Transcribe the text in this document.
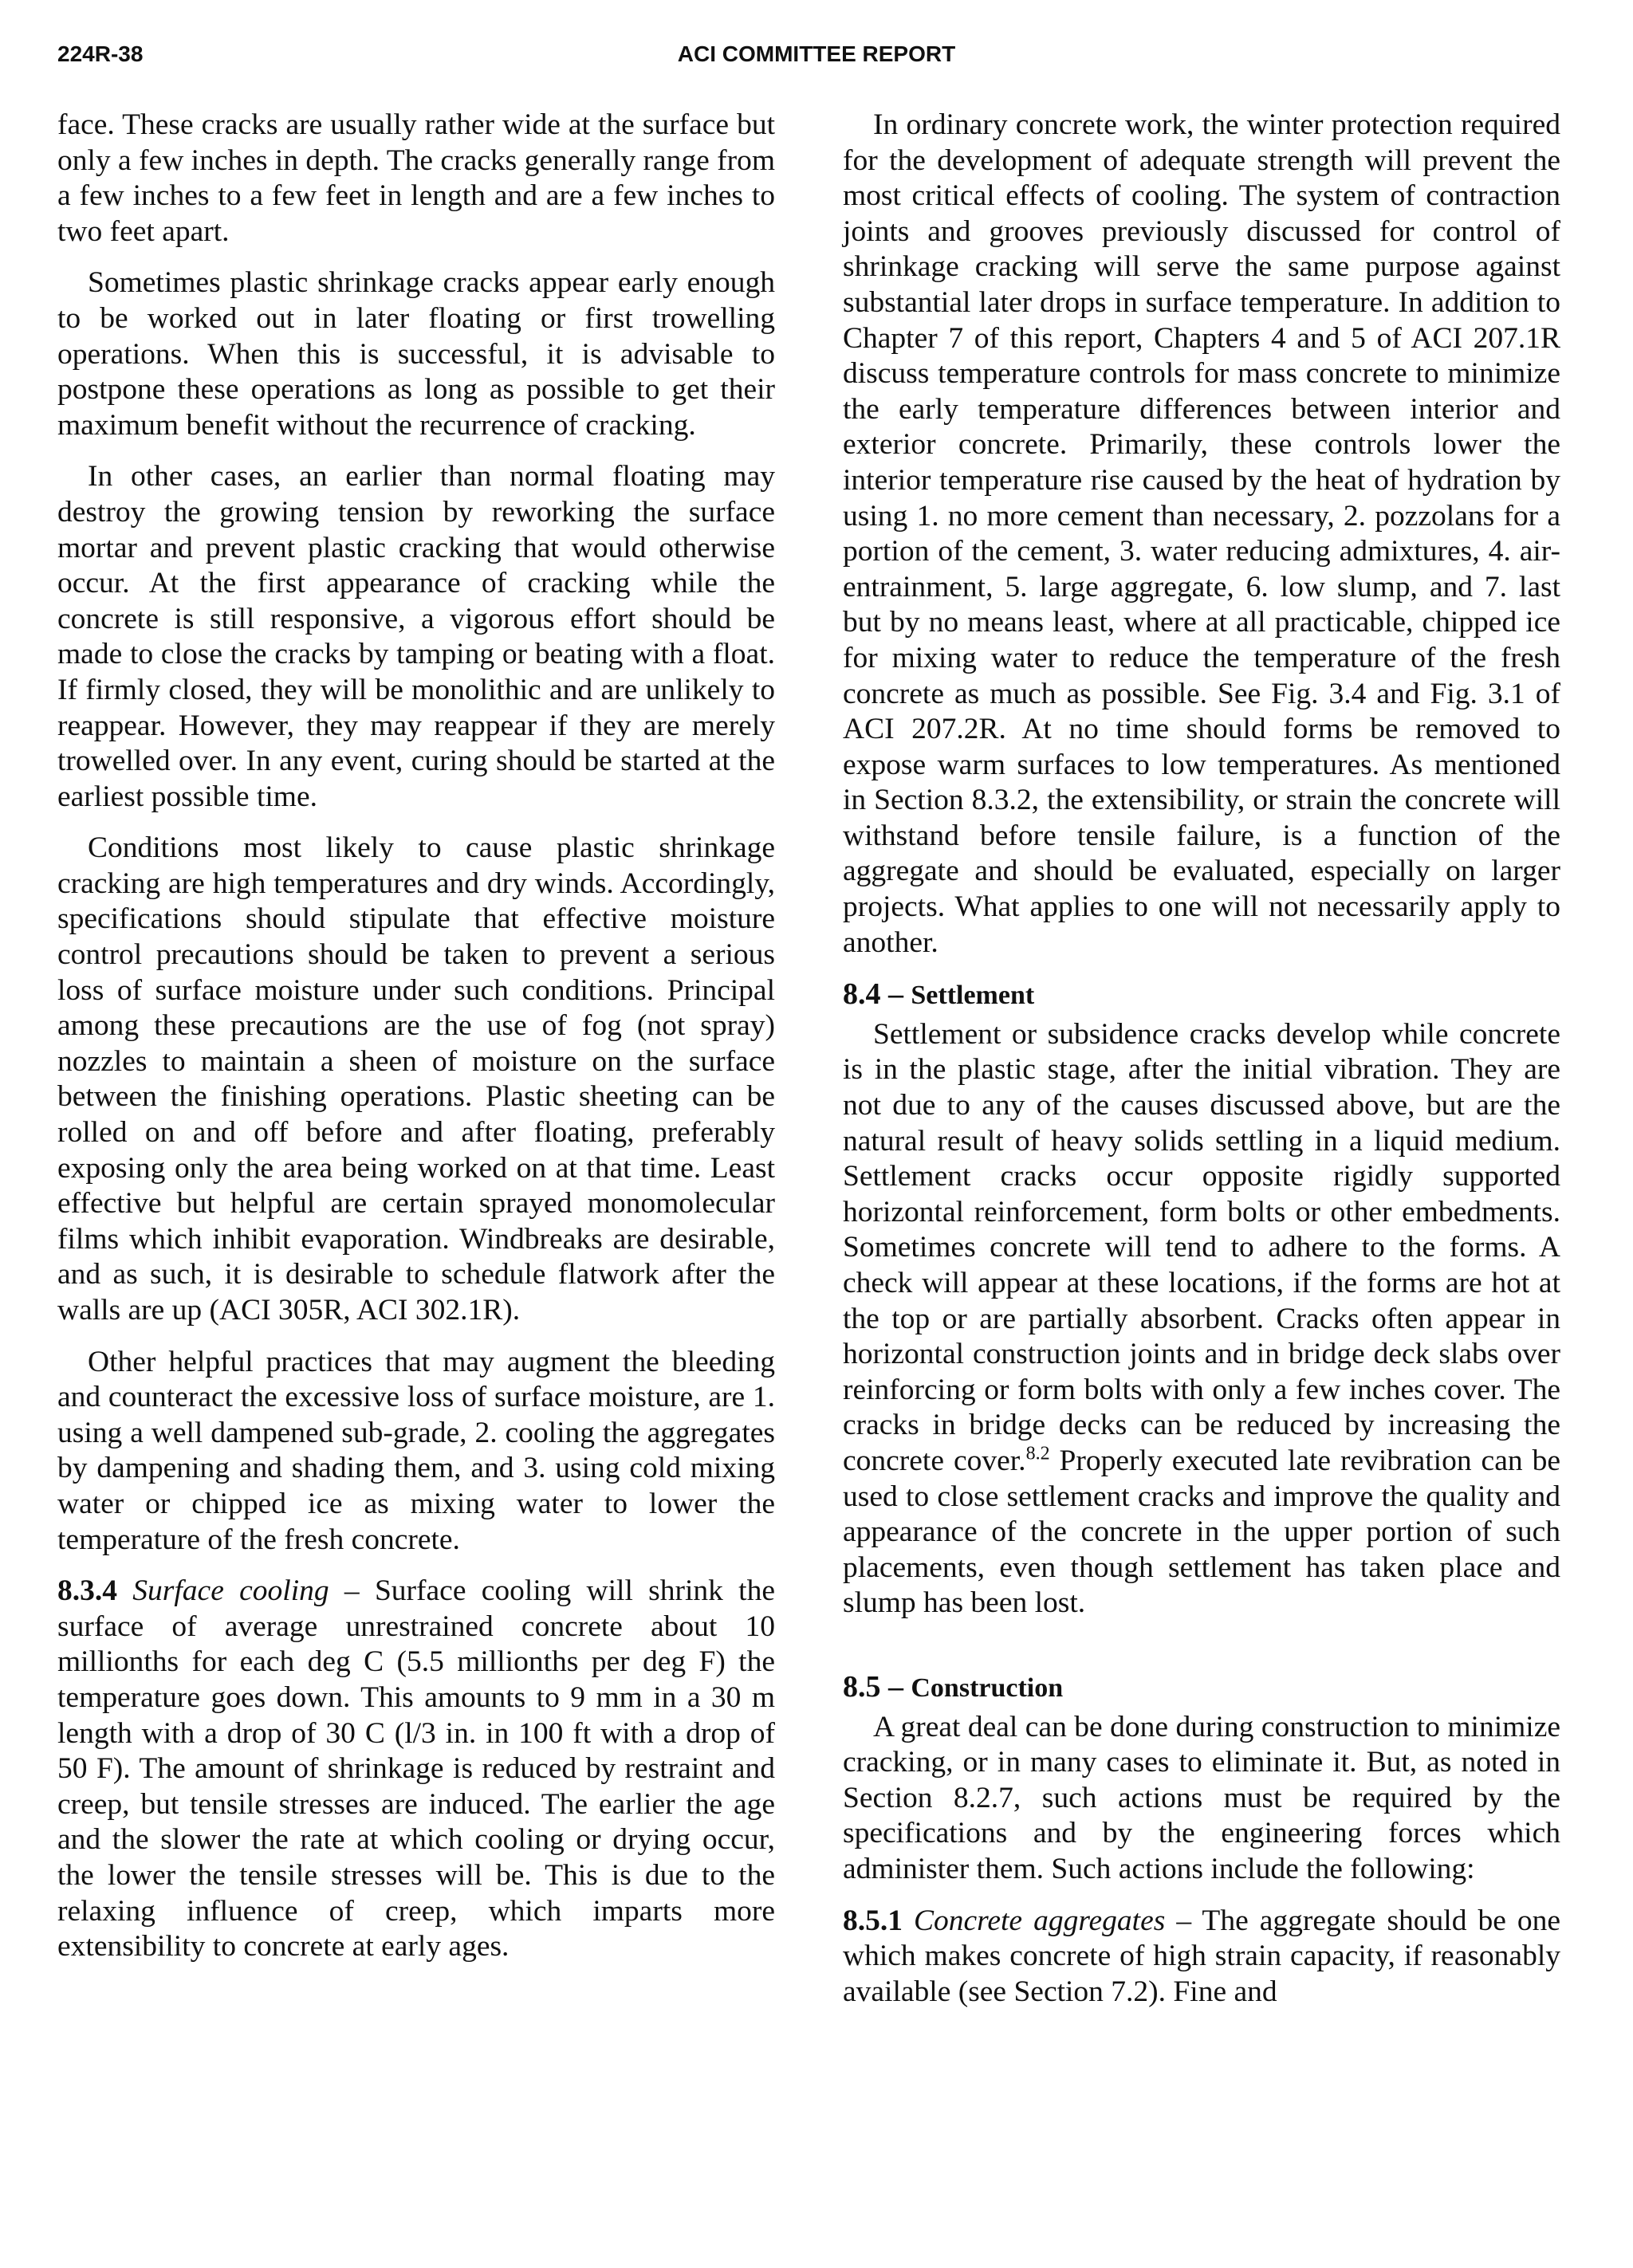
224R-38	ACI COMMITTEE REPORT

face. These cracks are usually rather wide at the surface but only a few inches in depth. The cracks generally range from a few inches to a few feet in length and are a few inches to two feet apart.

Sometimes plastic shrinkage cracks appear early enough to be worked out in later floating or first trowelling operations. When this is successful, it is advisable to postpone these operations as long as possible to get their maximum benefit without the recurrence of cracking.

In other cases, an earlier than normal floating may destroy the growing tension by reworking the surface mortar and prevent plastic cracking that would otherwise occur. At the first appearance of cracking while the concrete is still responsive, a vigorous effort should be made to close the cracks by tamping or beating with a float. If firmly closed, they will be monolithic and are unlikely to reappear. However, they may reappear if they are merely trowelled over. In any event, curing should be started at the earliest possible time.

Conditions most likely to cause plastic shrinkage cracking are high temperatures and dry winds. Accordingly, specifications should stipulate that effective moisture control precautions should be taken to prevent a serious loss of surface moisture under such conditions. Principal among these precautions are the use of fog (not spray) nozzles to maintain a sheen of moisture on the surface between the finishing operations. Plastic sheeting can be rolled on and off before and after floating, preferably exposing only the area being worked on at that time. Least effective but helpful are certain sprayed monomolecular films which inhibit evaporation. Windbreaks are desirable, and as such, it is desirable to schedule flatwork after the walls are up (ACI 305R, ACI 302.1R).

Other helpful practices that may augment the bleeding and counteract the excessive loss of surface moisture, are 1. using a well dampened sub-grade, 2. cooling the aggregates by dampening and shading them, and 3. using cold mixing water or chipped ice as mixing water to lower the temperature of the fresh concrete.

8.3.4 Surface cooling – Surface cooling will shrink the surface of average unrestrained concrete about 10 millionths for each deg C (5.5 millionths per deg F) the temperature goes down. This amounts to 9 mm in a 30 m length with a drop of 30 C (l/3 in. in 100 ft with a drop of 50 F). The amount of shrinkage is reduced by restraint and creep, but tensile stresses are induced. The earlier the age and the slower the rate at which cooling or drying occur, the lower the tensile stresses will be. This is due to the relaxing influence of creep, which imparts more extensibility to concrete at early ages.

In ordinary concrete work, the winter protection required for the development of adequate strength will prevent the most critical effects of cooling. The system of contraction joints and grooves previously discussed for control of shrinkage cracking will serve the same purpose against substantial later drops in surface temperature. In addition to Chapter 7 of this report, Chapters 4 and 5 of ACI 207.1R discuss temperature controls for mass concrete to minimize the early temperature differences between interior and exterior concrete. Primarily, these controls lower the interior temperature rise caused by the heat of hydration by using 1. no more cement than necessary, 2. pozzolans for a portion of the cement, 3. water reducing admixtures, 4. air-entrainment, 5. large aggregate, 6. low slump, and 7. last but by no means least, where at all practicable, chipped ice for mixing water to reduce the temperature of the fresh concrete as much as possible. See Fig. 3.4 and Fig. 3.1 of ACI 207.2R. At no time should forms be removed to expose warm surfaces to low temperatures. As mentioned in Section 8.3.2, the extensibility, or strain the concrete will withstand before tensile failure, is a function of the aggregate and should be evaluated, especially on larger projects. What applies to one will not necessarily apply to another.

8.4 – Settlement

Settlement or subsidence cracks develop while concrete is in the plastic stage, after the initial vibration. They are not due to any of the causes discussed above, but are the natural result of heavy solids settling in a liquid medium. Settlement cracks occur opposite rigidly supported horizontal reinforcement, form bolts or other embedments. Sometimes concrete will tend to adhere to the forms. A check will appear at these locations, if the forms are hot at the top or are partially absorbent. Cracks often appear in horizontal construction joints and in bridge deck slabs over reinforcing or form bolts with only a few inches cover. The cracks in bridge decks can be reduced by increasing the concrete cover.$^{8.2}$ Properly executed late revibration can be used to close settlement cracks and improve the quality and appearance of the concrete in the upper portion of such placements, even though settlement has taken place and slump has been lost.

8.5 – Construction

A great deal can be done during construction to minimize cracking, or in many cases to eliminate it. But, as noted in Section 8.2.7, such actions must be required by the specifications and by the engineering forces which administer them. Such actions include the following:

8.5.1 Concrete aggregates – The aggregate should be one which makes concrete of high strain capacity, if reasonably available (see Section 7.2). Fine and
